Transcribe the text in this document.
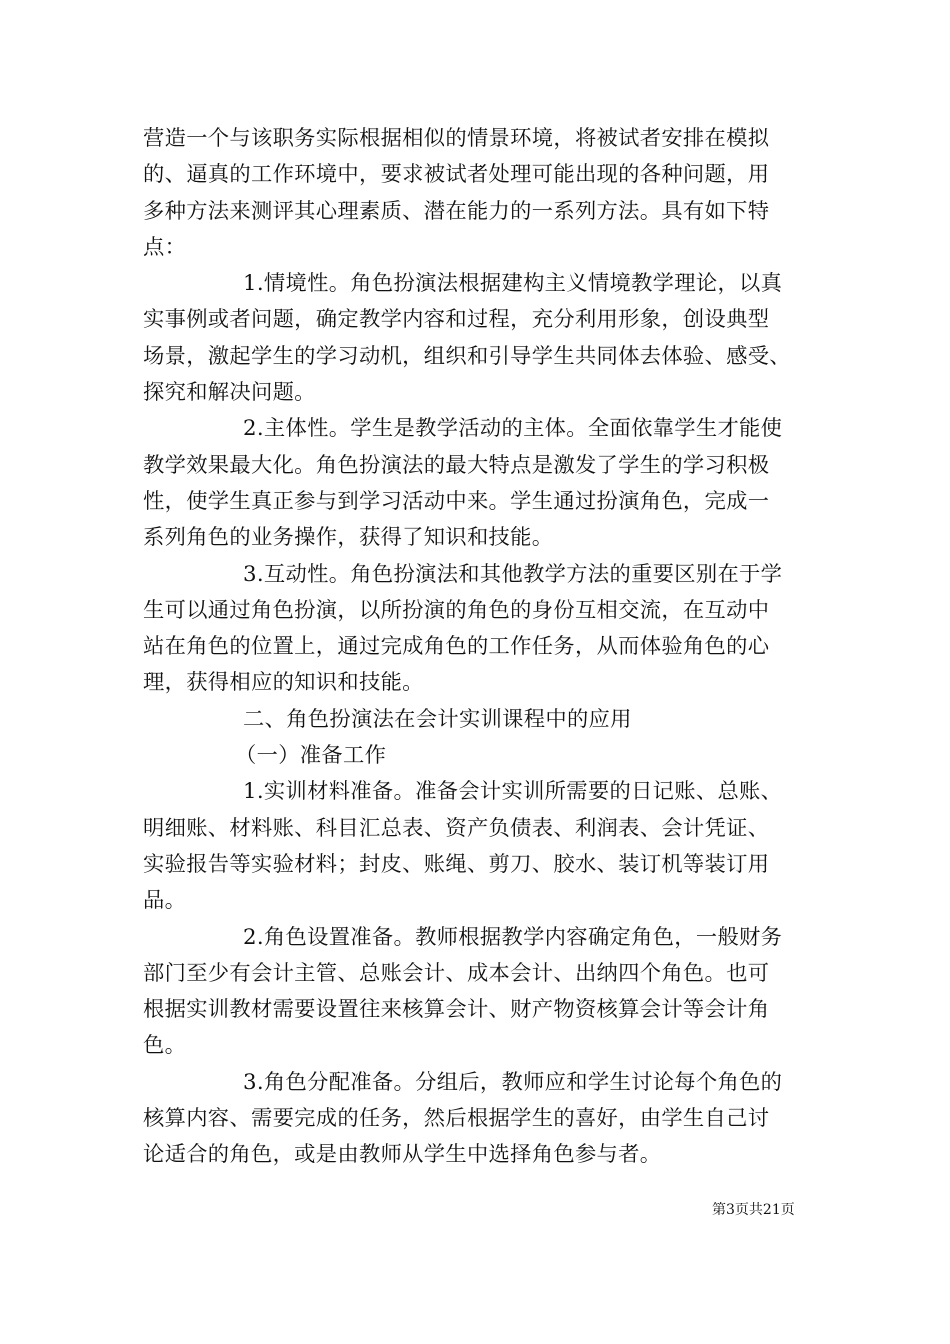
营造一个与该职务实际根据相似的情景环境，将被试者安排在模拟
的、逼真的工作环境中，要求被试者处理可能出现的各种问题，用
多种方法来测评其心理素质、潜在能力的一系列方法。具有如下特
点：
1.情境性。角色扮演法根据建构主义情境教学理论，以真
实事例或者问题，确定教学内容和过程，充分利用形象，创设典型
场景，激起学生的学习动机，组织和引导学生共同体去体验、感受、
探究和解决问题。
2.主体性。学生是教学活动的主体。全面依靠学生才能使
教学效果最大化。角色扮演法的最大特点是激发了学生的学习积极
性，使学生真正参与到学习活动中来。学生通过扮演角色，完成一
系列角色的业务操作，获得了知识和技能。
3.互动性。角色扮演法和其他教学方法的重要区别在于学
生可以通过角色扮演，以所扮演的角色的身份互相交流，在互动中
站在角色的位置上，通过完成角色的工作任务，从而体验角色的心
理，获得相应的知识和技能。
二、角色扮演法在会计实训课程中的应用
（一）准备工作
1.实训材料准备。准备会计实训所需要的日记账、总账、
明细账、材料账、科目汇总表、资产负债表、利润表、会计凭证、
实验报告等实验材料；封皮、账绳、剪刀、胶水、装订机等装订用
品。
2.角色设置准备。教师根据教学内容确定角色，一般财务
部门至少有会计主管、总账会计、成本会计、出纳四个角色。也可
根据实训教材需要设置往来核算会计、财产物资核算会计等会计角
色。
3.角色分配准备。分组后，教师应和学生讨论每个角色的
核算内容、需要完成的任务，然后根据学生的喜好，由学生自己讨
论适合的角色，或是由教师从学生中选择角色参与者。
第3页共21页
